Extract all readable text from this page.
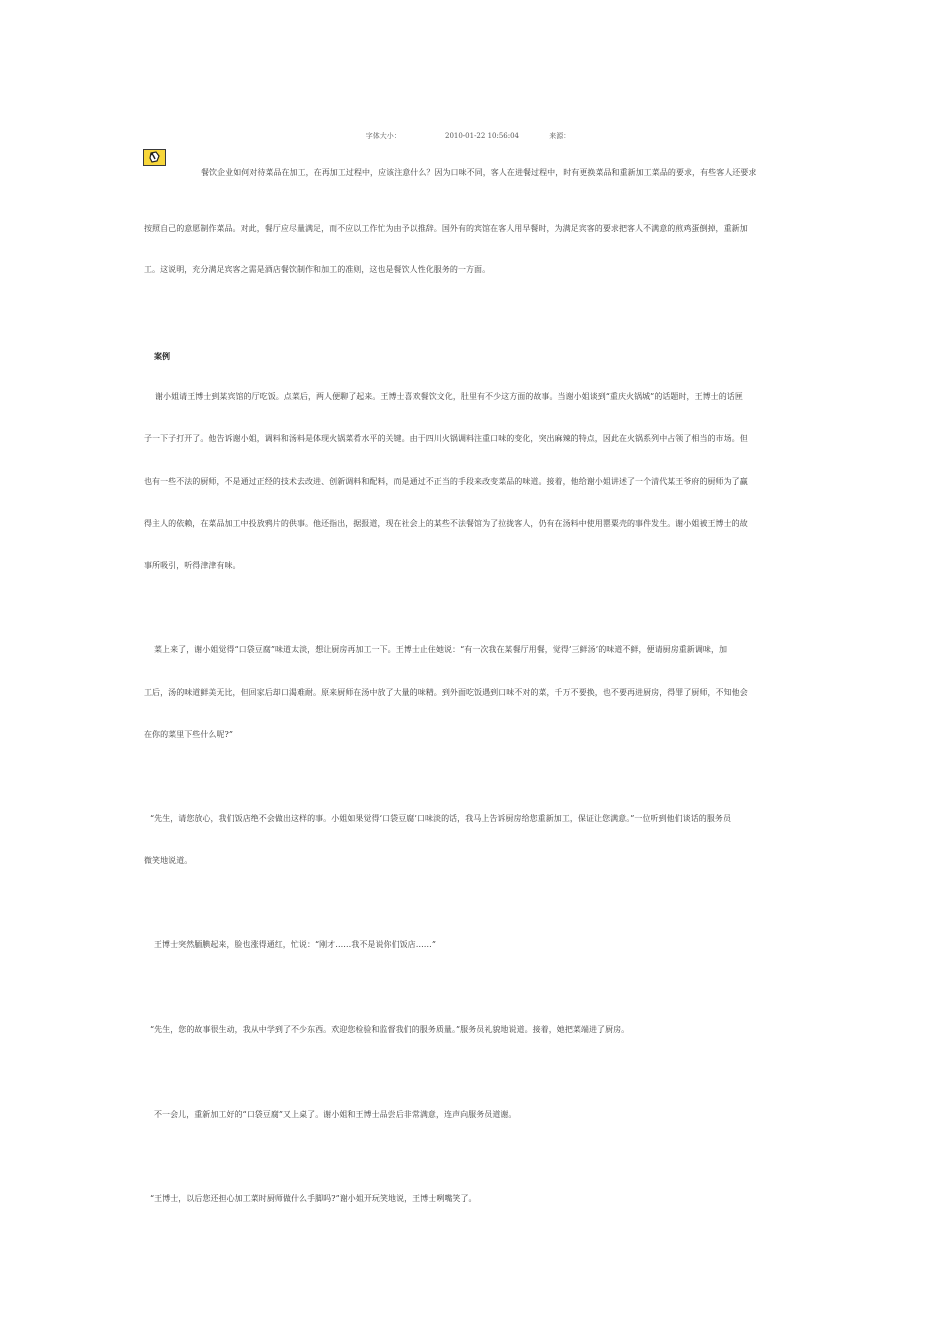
字体大小：	2010-01-22 10:56:04	来源：
餐饮企业如何对待菜品在加工，在再加工过程中，应该注意什么？因为口味不同，客人在进餐过程中，时有更换菜品和重新加工菜品的要求，有些客人还要求
按照自己的意愿制作菜品。对此，餐厅应尽量满足，而不应以工作忙为由予以推辞。国外有的宾馆在客人用早餐时，为满足宾客的要求把客人不满意的煎鸡蛋倒掉，重新加
工。这说明，充分满足宾客之需是酒店餐饮制作和加工的准则，这也是餐饮人性化服务的一方面。
案例
谢小姐请王博士到某宾馆的厅吃饭。点菜后，两人便聊了起来。王博士喜欢餐饮文化，肚里有不少这方面的故事。当谢小姐谈到“重庆火锅城”的话题时，王博士的话匣
子一下子打开了。他告诉谢小姐，调料和汤料是体现火锅菜肴水平的关键。由于四川火锅调料注重口味的变化，突出麻辣的特点，因此在火锅系列中占领了相当的市场。但
也有一些不法的厨师，不是通过正经的技术去改进、创新调料和配料，而是通过不正当的手段来改变菜品的味道。接着，他给谢小姐讲述了一个清代某王爷府的厨师为了赢
得主人的依赖，在菜品加工中投放鸦片的供事。他还指出，据报道，现在社会上的某些不法餐馆为了拉拢客人，仍有在汤料中使用罂粟壳的事件发生。谢小姐被王博士的故
事所吸引，听得津津有味。
菜上来了，谢小姐觉得“口袋豆腐”味道太淡，想让厨房再加工一下。王博士止住她说：“有一次我在某餐厅用餐，觉得‘三鲜汤’的味道不鲜，便请厨房重新调味，加
工后，汤的味道鲜美无比，但回家后却口渴难耐。原来厨师在汤中放了大量的味精。到外面吃饭遇到口味不对的菜，千万不要换，也不要再进厨房，得罪了厨师，不知他会
在你的菜里下些什么呢?”
“先生，请您放心，我们饭店绝不会做出这样的事。小姐如果觉得‘口袋豆腐’口味淡的话，我马上告诉厨房给您重新加工，保证让您满意。”一位听到他们谈话的服务员
微笑地说道。
王博士突然腼腆起来，脸也涨得通红，忙说：“刚才……我不是说你们饭店……”
“先生，您的故事很生动，我从中学到了不少东西。欢迎您检验和监督我们的服务质量。”服务员礼貌地说道。接着，她把菜端进了厨房。
不一会儿，重新加工好的“口袋豆腐”又上桌了。谢小姐和王博士品尝后非常满意，连声向服务员道谢。
“王博士，以后您还担心加工菜时厨师做什么手脚吗?”谢小姐开玩笑地说，王博士咧嘴笑了。
